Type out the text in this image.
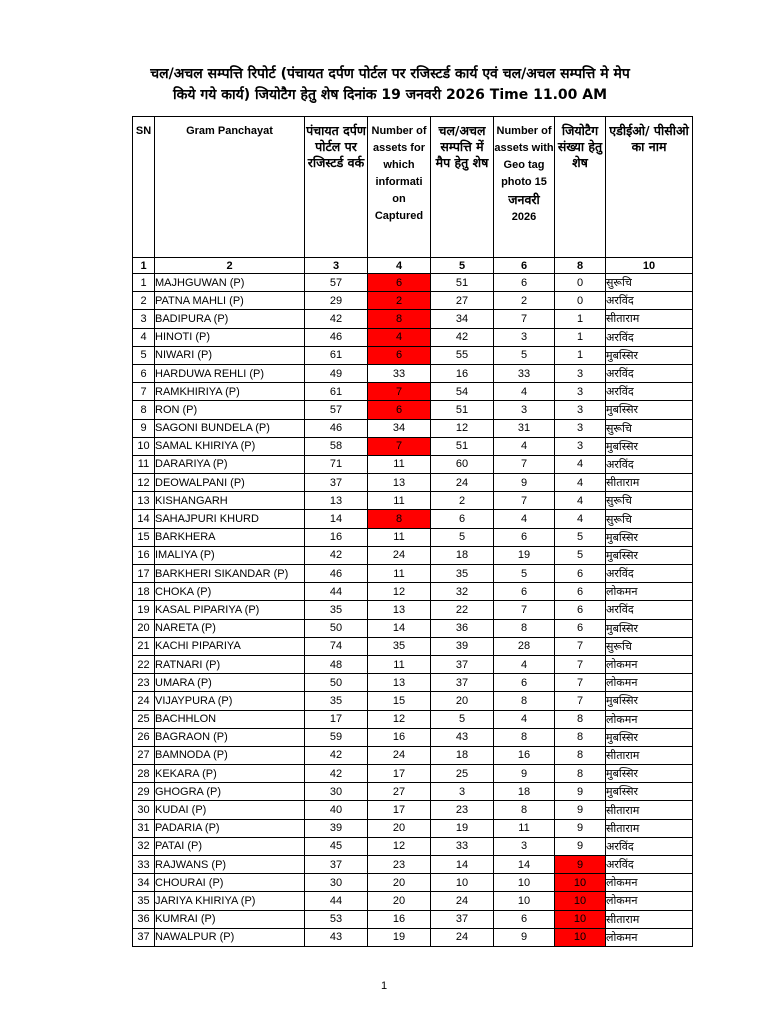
चल/अचल सम्पत्ति रिपोर्ट (पंचायत दर्पण पोर्टल पर रजिस्टर्ड कार्य एवं चल/अचल सम्पत्ति मे मेप
किये गये कार्य) जियोटैग हेतु शेष दिनांक 19 जनवरी 2026 Time 11.00 AM
SN	Gram Panchayat	पंचायत दर्पण पोर्टल पर रजिस्टर्ड वर्क	Number of assets for which informati on Captured	चल/अचल सम्पत्ति में मैप हेतु शेष	Number of assets with Geo tag photo 15
जनवरी
2026	जियोटैग संख्या हेतु शेष	एडीईओ/ पीसीओ का नाम

1	2	3	4	5	6	8	10
1	MAJHGUWAN (P)	57	6	51	6	0	सुरूचि
2	PATNA MAHLI (P)	29	2	27	2	0	अरविंद
3	BADIPURA (P)	42	8	34	7	1	सीताराम
4	HINOTI (P)	46	4	42	3	1	अरविंद
5	NIWARI (P)	61	6	55	5	1	मुबस्सिर
6	HARDUWA REHLI (P)	49	33	16	33	3	अरविंद
7	RAMKHIRIYA (P)	61	7	54	4	3	अरविंद
8	RON (P)	57	6	51	3	3	मुबस्सिर
9	SAGONI BUNDELA (P)	46	34	12	31	3	सुरूचि
10	SAMAL KHIRIYA (P)	58	7	51	4	3	मुबस्सिर
11	DARARIYA (P)	71	11	60	7	4	अरविंद
12	DEOWALPANI (P)	37	13	24	9	4	सीताराम
13	KISHANGARH	13	11	2	7	4	सुरूचि
14	SAHAJPURI KHURD	14	8	6	4	4	सुरूचि
15	BARKHERA	16	11	5	6	5	मुबस्सिर
16	IMALIYA (P)	42	24	18	19	5	मुबस्सिर
17	BARKHERI SIKANDAR (P)	46	11	35	5	6	अरविंद
18	CHOKA (P)	44	12	32	6	6	लोकमन
19	KASAL PIPARIYA (P)	35	13	22	7	6	अरविंद
20	NARETA (P)	50	14	36	8	6	मुबस्सिर
21	KACHI PIPARIYA	74	35	39	28	7	सुरूचि
22	RATNARI (P)	48	11	37	4	7	लोकमन
23	UMARA (P)	50	13	37	6	7	लोकमन
24	VIJAYPURA (P)	35	15	20	8	7	मुबस्सिर
25	BACHHLON	17	12	5	4	8	लोकमन
26	BAGRAON (P)	59	16	43	8	8	मुबस्सिर
27	BAMNODA (P)	42	24	18	16	8	सीताराम
28	KEKARA (P)	42	17	25	9	8	मुबस्सिर
29	GHOGRA (P)	30	27	3	18	9	मुबस्सिर
30	KUDAI (P)	40	17	23	8	9	सीताराम
31	PADARIA (P)	39	20	19	11	9	सीताराम
32	PATAI (P)	45	12	33	3	9	अरविंद
33	RAJWANS (P)	37	23	14	14	9	अरविंद
34	CHOURAI (P)	30	20	10	10	10	लोकमन
35	JARIYA KHIRIYA (P)	44	20	24	10	10	लोकमन
36	KUMRAI (P)	53	16	37	6	10	सीताराम
37	NAWALPUR (P)	43	19	24	9	10	लोकमन
1
